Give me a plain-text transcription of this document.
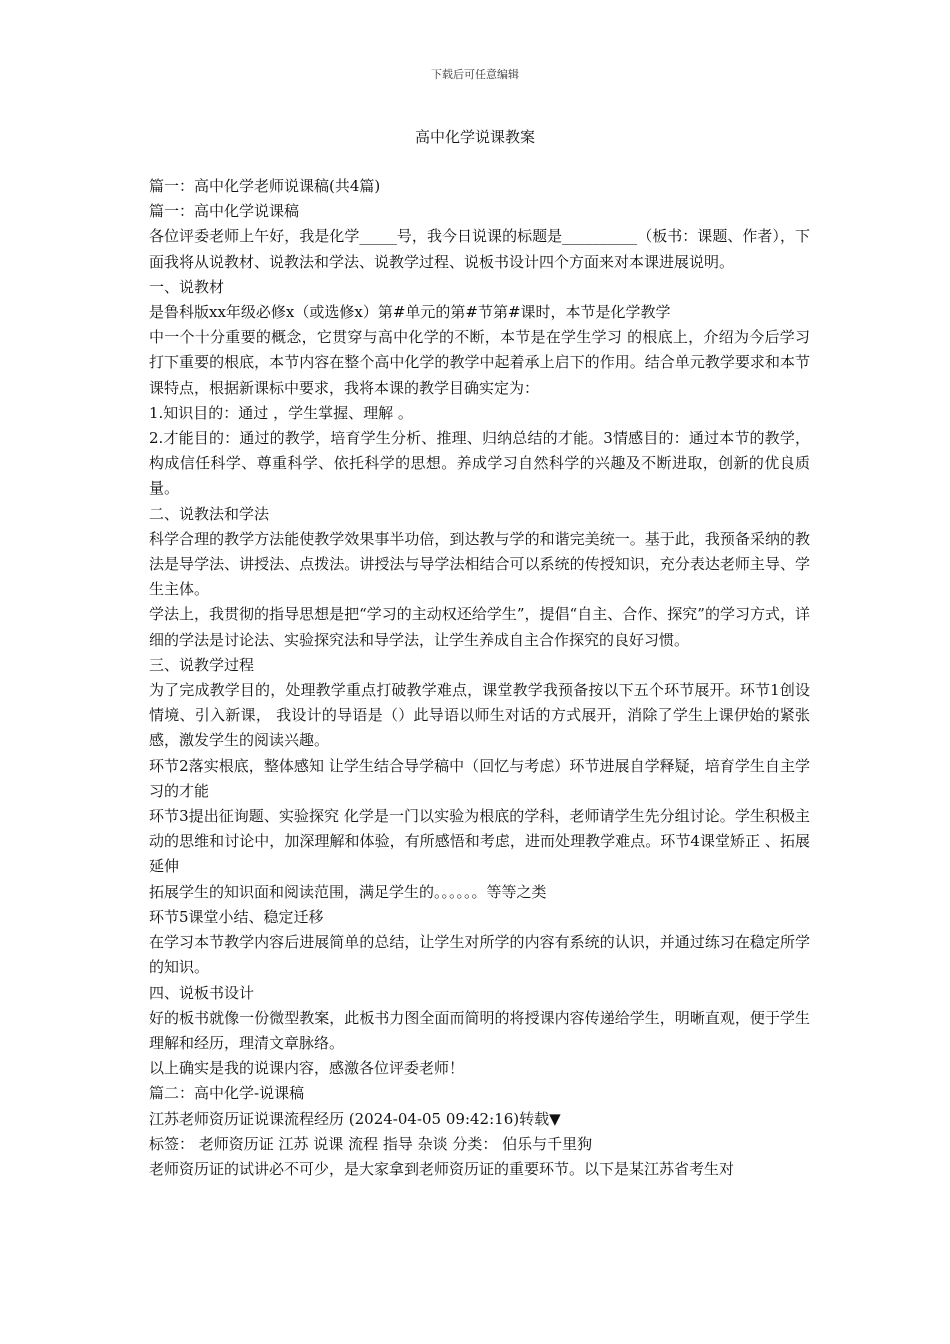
下载后可任意编辑
高中化学说课教案

篇一：高中化学老师说课稿(共4篇)

篇一：高中化学说课稿

各位评委老师上午好，我是化学_____号，我今日说课的标题是__________（板书：课题、作者），下面我将从说教材、说教法和学法、说教学过程、说板书设计四个方面来对本课进展说明。

一、说教材

是鲁科版xx年级必修x（或选修x）第#单元的第#节第#课时，本节是化学教学

中一个十分重要的概念，它贯穿与高中化学的不断，本节是在学生学习 的根底上，介绍为今后学习 打下重要的根底，本节内容在整个高中化学的教学中起着承上启下的作用。结合单元教学要求和本节课特点，根据新课标中要求，我将本课的教学目确实定为：

1.知识目的：通过 ，学生掌握、理解 。

2.才能目的：通过的教学，培育学生分析、推理、归纳总结的才能。3情感目的：通过本节的教学，构成信任科学、尊重科学、依托科学的思想。养成学习自然科学的兴趣及不断进取，创新的优良质量。

二、说教法和学法

科学合理的教学方法能使教学效果事半功倍，到达教与学的和谐完美统一。基于此，我预备采纳的教法是导学法、讲授法、点拨法。讲授法与导学法相结合可以系统的传授知识，充分表达老师主导、学生主体。

学法上，我贯彻的指导思想是把“学习的主动权还给学生”，提倡“自主、合作、探究”的学习方式，详细的学法是讨论法、实验探究法和导学法，让学生养成自主合作探究的良好习惯。

三、说教学过程

为了完成教学目的，处理教学重点打破教学难点，课堂教学我预备按以下五个环节展开。环节1创设情境、引入新课， 我设计的导语是（）此导语以师生对话的方式展开，消除了学生上课伊始的紧张感，激发学生的阅读兴趣。

环节2落实根底，整体感知 让学生结合导学稿中（回忆与考虑）环节进展自学释疑，培育学生自主学习的才能

环节3提出征询题、实验探究 化学是一门以实验为根底的学科，老师请学生先分组讨论。学生积极主动的思维和讨论中，加深理解和体验，有所感悟和考虑，进而处理教学难点。环节4课堂矫正 、拓展延伸

拓展学生的知识面和阅读范围，满足学生的。。。。。。等等之类

环节5课堂小结、稳定迁移

在学习本节教学内容后进展简单的总结，让学生对所学的内容有系统的认识，并通过练习在稳定所学的知识。

四、说板书设计

好的板书就像一份微型教案，此板书力图全面而简明的将授课内容传递给学生，明晰直观，便于学生理解和经历，理清文章脉络。

以上确实是我的说课内容，感激各位评委老师！

篇二：高中化学-说课稿

江苏老师资历证说课流程经历 (2024-04-05 09:42:16)转载▼

标签： 老师资历证 江苏 说课 流程 指导 杂谈 分类： 伯乐与千里狗

老师资历证的试讲必不可少，是大家拿到老师资历证的重要环节。以下是某江苏省考生对
